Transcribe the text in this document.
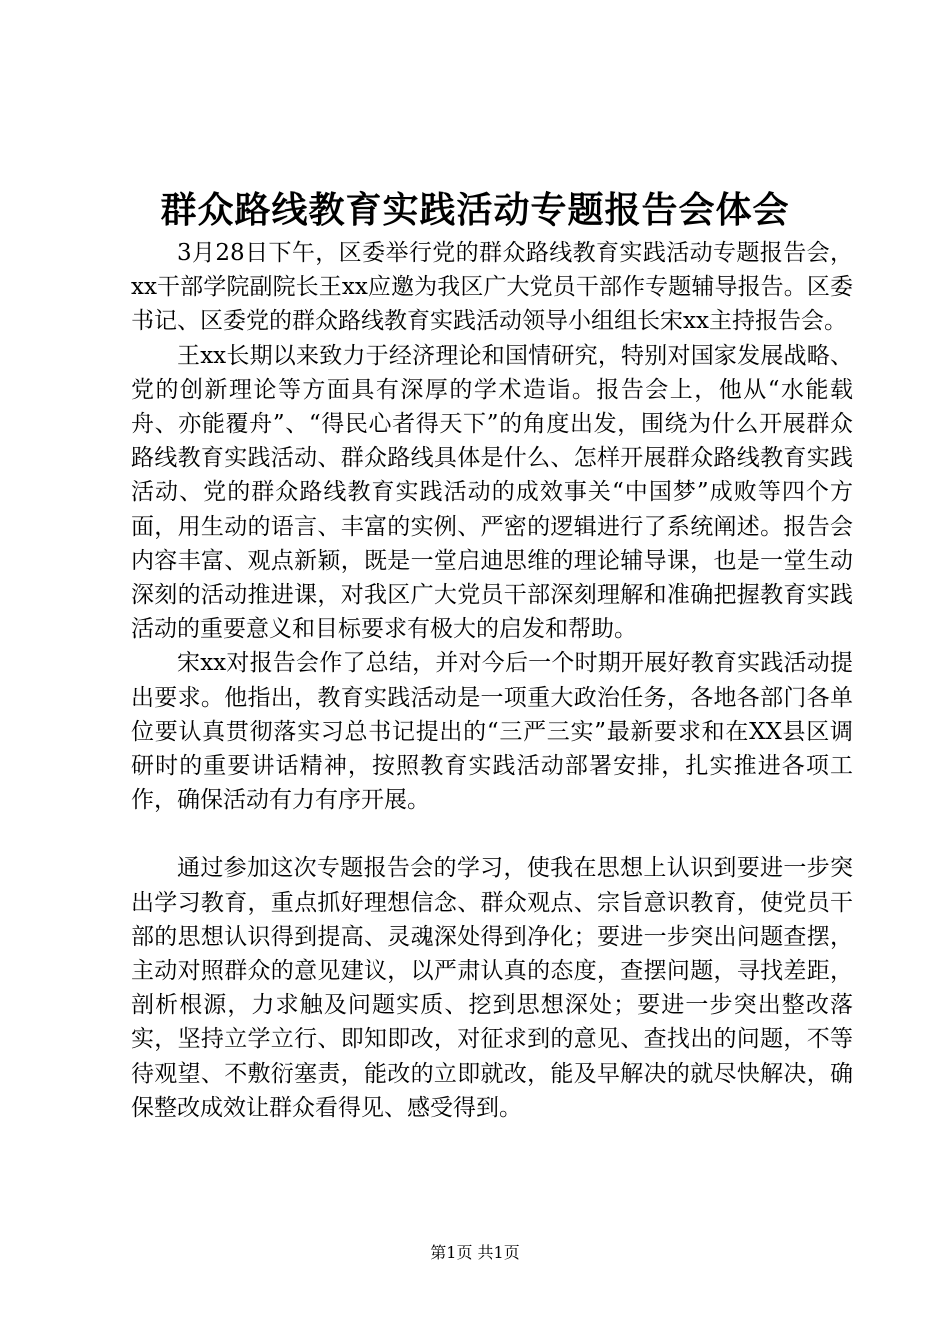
群众路线教育实践活动专题报告会体会

3月28日下午，区委举行党的群众路线教育实践活动专题报告会，xx干部学院副院长王xx应邀为我区广大党员干部作专题辅导报告。区委书记、区委党的群众路线教育实践活动领导小组组长宋xx主持报告会。

王xx长期以来致力于经济理论和国情研究，特别对国家发展战略、党的创新理论等方面具有深厚的学术造诣。报告会上，他从“水能载舟、亦能覆舟”、“得民心者得天下”的角度出发，围绕为什么开展群众路线教育实践活动、群众路线具体是什么、怎样开展群众路线教育实践活动、党的群众路线教育实践活动的成效事关“中国梦”成败等四个方面，用生动的语言、丰富的实例、严密的逻辑进行了系统阐述。报告会内容丰富、观点新颖，既是一堂启迪思维的理论辅导课，也是一堂生动深刻的活动推进课，对我区广大党员干部深刻理解和准确把握教育实践活动的重要意义和目标要求有极大的启发和帮助。

宋xx对报告会作了总结，并对今后一个时期开展好教育实践活动提出要求。他指出，教育实践活动是一项重大政治任务，各地各部门各单位要认真贯彻落实习总书记提出的“三严三实”最新要求和在XX县区调研时的重要讲话精神，按照教育实践活动部署安排，扎实推进各项工作，确保活动有力有序开展。

通过参加这次专题报告会的学习，使我在思想上认识到要进一步突出学习教育，重点抓好理想信念、群众观点、宗旨意识教育，使党员干部的思想认识得到提高、灵魂深处得到净化；要进一步突出问题查摆，主动对照群众的意见建议，以严肃认真的态度，查摆问题，寻找差距，剖析根源，力求触及问题实质、挖到思想深处；要进一步突出整改落实，坚持立学立行、即知即改，对征求到的意见、查找出的问题，不等待观望、不敷衍塞责，能改的立即就改，能及早解决的就尽快解决，确保整改成效让群众看得见、感受得到。

第1页 共1页
